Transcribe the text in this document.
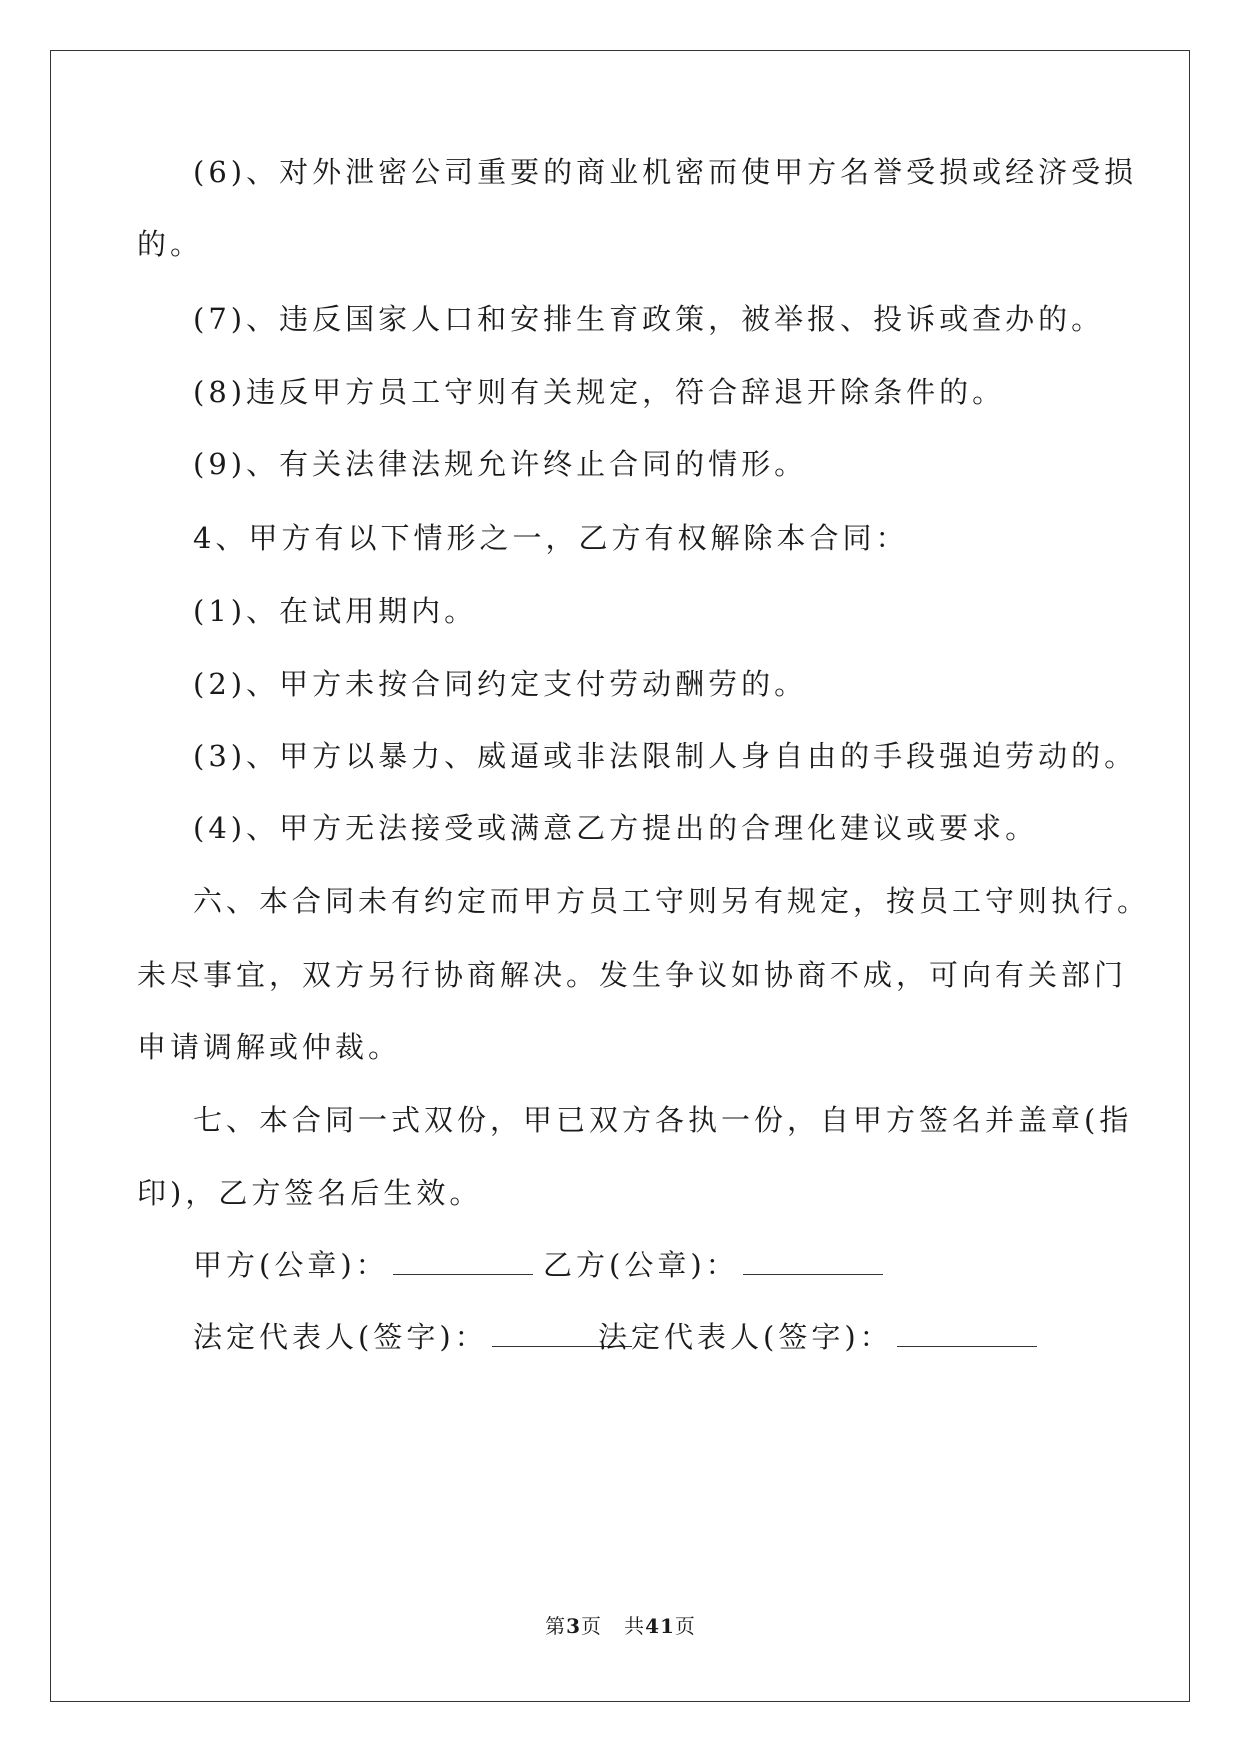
(6)、对外泄密公司重要的商业机密而使甲方名誉受损或经济受损
的。
(7)、违反国家人口和安排生育政策，被举报、投诉或查办的。
(8)违反甲方员工守则有关规定，符合辞退开除条件的。
(9)、有关法律法规允许终止合同的情形。
4、甲方有以下情形之一，乙方有权解除本合同：
(1)、在试用期内。
(2)、甲方未按合同约定支付劳动酬劳的。
(3)、甲方以暴力、威逼或非法限制人身自由的手段强迫劳动的。
(4)、甲方无法接受或满意乙方提出的合理化建议或要求。
六、本合同未有约定而甲方员工守则另有规定，按员工守则执行。
未尽事宜，双方另行协商解决。发生争议如协商不成，可向有关部门
申请调解或仲裁。
七、本合同一式双份，甲已双方各执一份，自甲方签名并盖章(指
印)，乙方签名后生效。
甲方(公章)：	乙方(公章)：
法定代表人(签字)：	法定代表人(签字)：
第3页 共41页
